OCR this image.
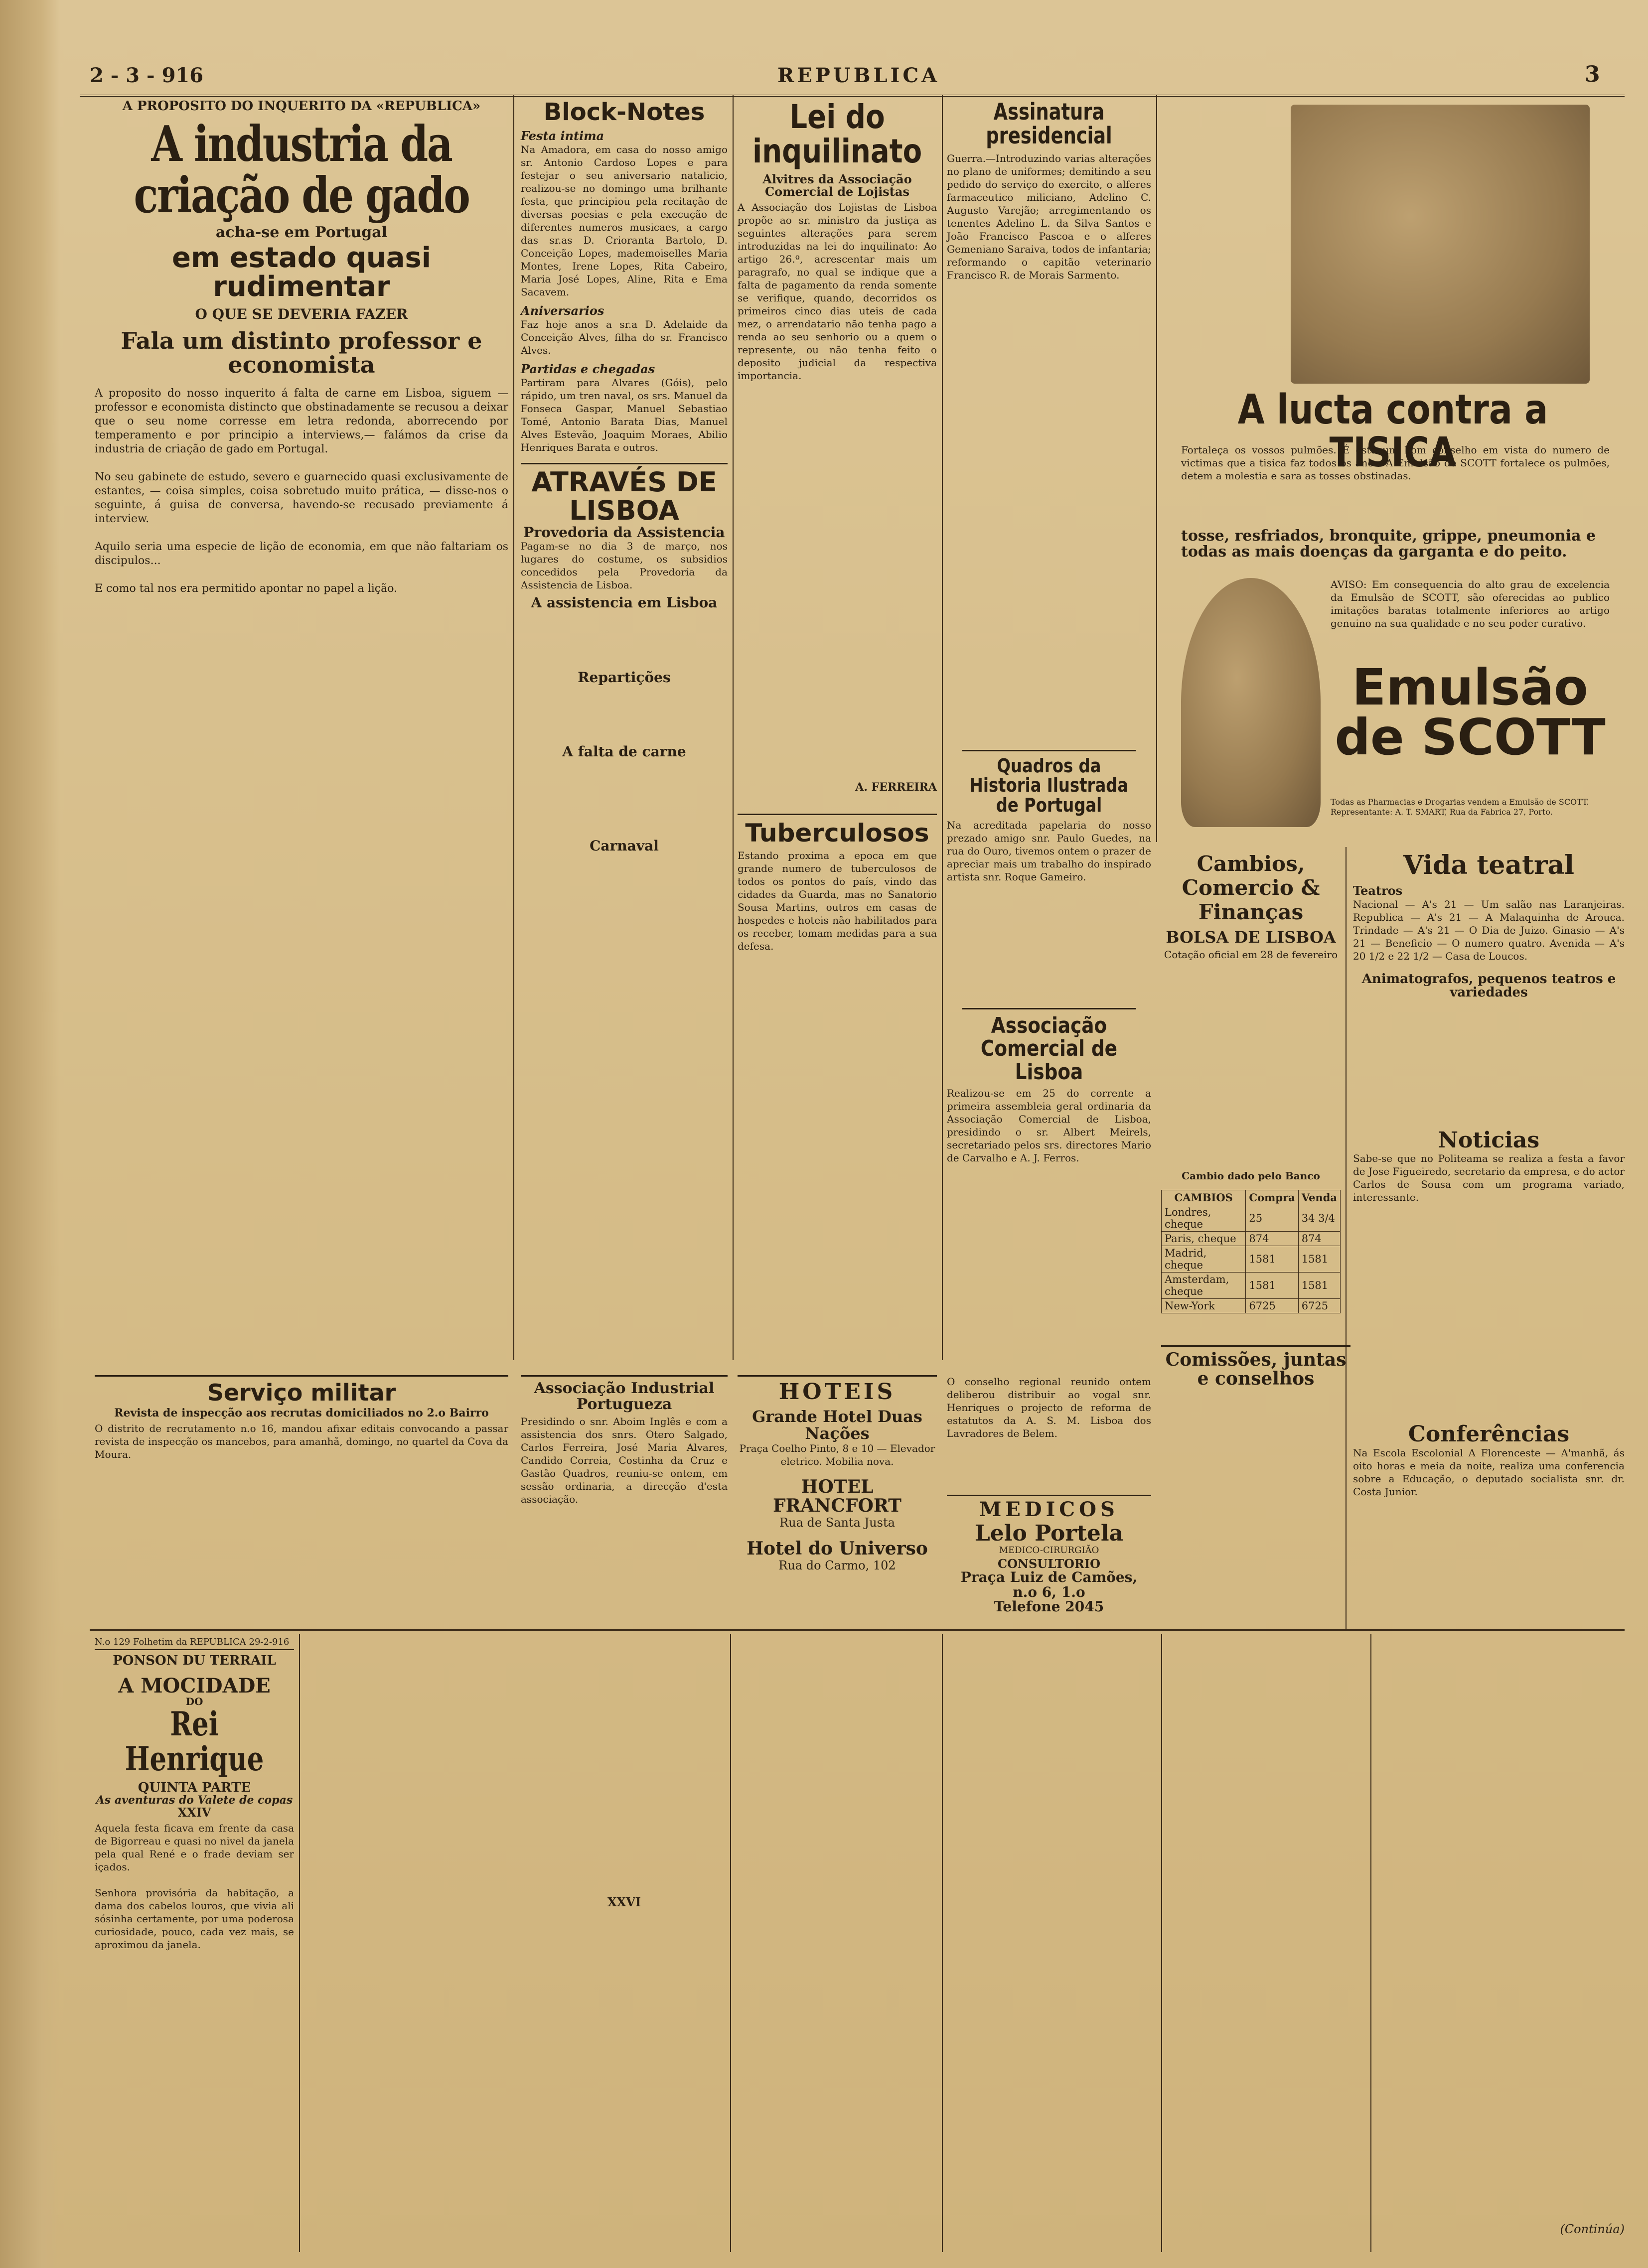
2 - 3 - 916	REPUBLICA	3
A PROPOSITO DO INQUERITO DA «REPUBLICA»
A industria da criação de gado
acha-se em Portugal
em estado quasi rudimentar
O QUE SE DEVERIA FAZER
Fala um distinto professor e economista
A proposito do nosso inquerito á falta de carne em Lisboa, siguem — professor e economista distincto que obstinadamente se recusou a deixar que o seu nome corresse em letra redonda, aborrecendo por temperamento e por principio a interviews,— falámos da crise da industria de criação de gado em Portugal.

No seu gabinete de estudo, severo e guarnecido quasi exclusivamente de estantes, — coisa simples, coisa sobretudo muito prática, — disse-nos o seguinte, á guisa de conversa, havendo-se recusado previamente á interview.

Aquilo seria uma especie de lição de economia, em que não faltariam os discipulos...

E como tal nos era permitido apontar no papel a lição.
Block-Notes
Festa intima
Na Amadora, em casa do nosso amigo sr. Antonio Cardoso Lopes e para festejar o seu aniversario natalicio, realizou-se no domingo uma brilhante festa, que principiou pela recitação de diversas poesias e pela execução de diferentes numeros musicaes, a cargo das sr.as D. Crioranta Bartolo, D. Conceição Lopes, mademoiselles Maria Montes, Irene Lopes, Rita Cabeiro, Maria José Lopes, Aline, Rita e Ema Sacavem.
Aniversarios
Faz hoje anos a sr.a D. Adelaide da Conceição Alves, filha do sr. Francisco Alves.
Partidas e chegadas
Partiram para Alvares (Góis), pelo rápido, um tren naval, os srs. Manuel da Fonseca Gaspar, Manuel Sebastiao Tomé, Antonio Barata Dias, Manuel Alves Estevão, Joaquim Moraes, Abilio Henriques Barata e outros.
ATRAVÉS DE LISBOA
Provedoria da Assistencia
Pagam-se no dia 3 de março, nos lugares do costume, os subsidios concedidos pela Provedoria da Assistencia de Lisboa.
A assistencia em Lisboa
Repartições
A falta de carne
Carnaval
Lei do inquilinato
Alvitres da Associação Comercial de Lojistas
A Associação dos Lojistas de Lisboa propõe ao sr. ministro da justiça as seguintes alterações para serem introduzidas na lei do inquilinato: Ao artigo 26.º, acrescentar mais um paragrafo, no qual se indique que a falta de pagamento da renda somente se verifique, quando, decorridos os primeiros cinco dias uteis de cada mez, o arrendatario não tenha pago a renda ao seu senhorio ou a quem o represente, ou não tenha feito o deposito judicial da respectiva importancia.
A. FERREIRA
Tuberculosos
Estando proxima a epoca em que grande numero de tuberculosos de todos os pontos do país, vindo das cidades da Guarda, mas no Sanatorio Sousa Martins, outros em casas de hospedes e hoteis não habilitados para os receber, tomam medidas para a sua defesa.
Assinatura presidencial
Guerra.—Introduzindo varias alterações no plano de uniformes; demitindo a seu pedido do serviço do exercito, o alferes farmaceutico miliciano, Adelino C. Augusto Varejão; arregimentando os tenentes Adelino L. da Silva Santos e João Francisco Pascoa e o alferes Gemeniano Saraiva, todos de infantaria; reformando o capitão veterinario Francisco R. de Morais Sarmento.
Quadros da Historia Ilustrada de Portugal
Na acreditada papelaria do nosso prezado amigo snr. Paulo Guedes, na rua do Ouro, tivemos ontem o prazer de apreciar mais um trabalho do inspirado artista snr. Roque Gameiro.
Associação Comercial de Lisboa
Realizou-se em 25 do corrente a primeira assembleia geral ordinaria da Associação Comercial de Lisboa, presidindo o sr. Albert Meirels, secretariado pelos srs. directores Mario de Carvalho e A. J. Ferros.
A lucta contra a TISICA
Fortaleça os vossos pulmões. É este um bom conselho em vista do numero de victimas que a tisica faz todos os anos. A Emulsão de SCOTT fortalece os pulmões, detem a molestia e sara as tosses obstinadas.
tosse, resfriados, bronquite, grippe, pneumonia e todas as mais doenças da garganta e do peito.
AVISO: Em consequencia do alto grau de excelencia da Emulsão de SCOTT, são oferecidas ao publico imitações baratas totalmente inferiores ao artigo genuino na sua qualidade e no seu poder curativo.
Emulsão de SCOTT
Todas as Pharmacias e Drogarias vendem a Emulsão de SCOTT. Representante: A. T. SMART, Rua da Fabrica 27, Porto.
Cambios, Comercio & Finanças
BOLSA DE LISBOA
Cotação oficial em 28 de fevereiro
Cambio dado pelo Banco
CAMBIOS	Compra	Venda
Londres, cheque	25	34 3/4
Paris, cheque	874	874
Madrid, cheque	1581	1581
Amsterdam, cheque	1581	1581
New-York	6725	6725
Vida teatral
Teatros
Nacional — A's 21 — Um salão nas Laranjeiras. Republica — A's 21 — A Malaquinha de Arouca. Trindade — A's 21 — O Dia de Juizo. Ginasio — A's 21 — Beneficio — O numero quatro. Avenida — A's 20 1/2 e 22 1/2 — Casa de Loucos.
Animatografos, pequenos teatros e variedades
Noticias
Sabe-se que no Politeama se realiza a festa a favor de Jose Figueiredo, secretario da empresa, e do actor Carlos de Sousa com um programa variado, interessante.
Conferências
Na Escola Escolonial A Florenceste — A'manhã, ás oito horas e meia da noite, realiza uma conferencia sobre a Educação, o deputado socialista snr. dr. Costa Junior.
Serviço militar
Revista de inspecção aos recrutas domiciliados no 2.o Bairro
O distrito de recrutamento n.o 16, mandou afixar editais convocando a passar revista de inspecção os mancebos, para amanhã, domingo, no quartel da Cova da Moura.
Associação Industrial Portugueza
Presidindo o snr. Aboim Inglês e com a assistencia dos snrs. Otero Salgado, Carlos Ferreira, José Maria Alvares, Candido Correia, Costinha da Cruz e Gastão Quadros, reuniu-se ontem, em sessão ordinaria, a direcção d'esta associação.
HOTEIS
Grande Hotel Duas Nações
Praça Coelho Pinto, 8 e 10 — Elevador eletrico. Mobilia nova.
HOTEL FRANCFORT
Rua de Santa Justa
Hotel do Universo
Rua do Carmo, 102
O conselho regional reunido ontem deliberou distribuir ao vogal snr. Henriques o projecto de reforma de estatutos da A. S. M. Lisboa dos Lavradores de Belem.
Comissões, juntas e conselhos
MEDICOS
Lelo Portela
MEDICO-CIRURGIÃO
CONSULTORIO
Praça Luiz de Camões, n.o 6, 1.o
Telefone 2045
N.o 129 Folhetim da REPUBLICA 29-2-916
PONSON DU TERRAIL
A MOCIDADE
DO
Rei Henrique
QUINTA PARTE
As aventuras do Valete de copas
XXIV
Aquela festa ficava em frente da casa de Bigorreau e quasi no nivel da janela pela qual René e o frade deviam ser içados.

Senhora provisória da habitação, a dama dos cabelos louros, que vivia ali sósinha certamente, por uma poderosa curiosidade, pouco, cada vez mais, se aproximou da janela.
XXVI
(Continúa)
